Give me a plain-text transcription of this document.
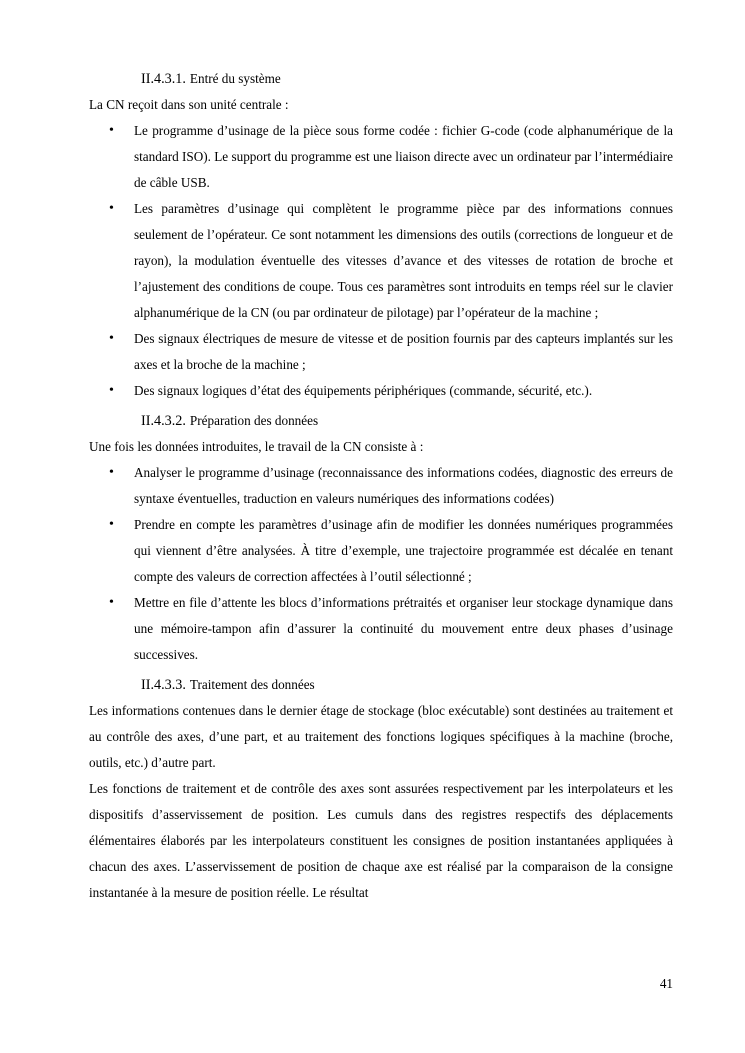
II.4.3.1. Entré du système

La CN reçoit dans son unité centrale :

• Le programme d’usinage de la pièce sous forme codée : fichier G-code (code alphanumérique de la standard ISO). Le support du programme est une liaison directe avec un ordinateur par l’intermédiaire de câble USB.
• Les paramètres d’usinage qui complètent le programme pièce par des informations connues seulement de l’opérateur. Ce sont notamment les dimensions des outils (corrections de longueur et de rayon), la modulation éventuelle des vitesses d’avance et des vitesses de rotation de broche et l’ajustement des conditions de coupe. Tous ces paramètres sont introduits en temps réel sur le clavier alphanumérique de la CN (ou par ordinateur de pilotage) par l’opérateur de la machine ;
• Des signaux électriques de mesure de vitesse et de position fournis par des capteurs implantés sur les axes et la broche de la machine ;
• Des signaux logiques d’état des équipements périphériques (commande, sécurité, etc.).
II.4.3.2. Préparation des données

Une fois les données introduites, le travail de la CN consiste à :

• Analyser le programme d’usinage (reconnaissance des informations codées, diagnostic des erreurs de syntaxe éventuelles, traduction en valeurs numériques des informations codées)
• Prendre en compte les paramètres d’usinage afin de modifier les données numériques programmées qui viennent d’être analysées. À titre d’exemple, une trajectoire programmée est décalée en tenant compte des valeurs de correction affectées à l’outil sélectionné ;
• Mettre en file d’attente les blocs d’informations prétraités et organiser leur stockage dynamique dans une mémoire-tampon afin d’assurer la continuité du mouvement entre deux phases d’usinage successives.
II.4.3.3. Traitement des données

Les informations contenues dans le dernier étage de stockage (bloc exécutable) sont destinées au traitement et au contrôle des axes, d’une part, et au traitement des fonctions logiques spécifiques à la machine (broche, outils, etc.) d’autre part.

Les fonctions de traitement et de contrôle des axes sont assurées respectivement par les interpolateurs et les dispositifs d’asservissement de position. Les cumuls dans des registres respectifs des déplacements élémentaires élaborés par les interpolateurs constituent les consignes de position instantanées appliquées à chacun des axes. L’asservissement de position de chaque axe est réalisé par la comparaison de la consigne instantanée à la mesure de position réelle. Le résultat

41
